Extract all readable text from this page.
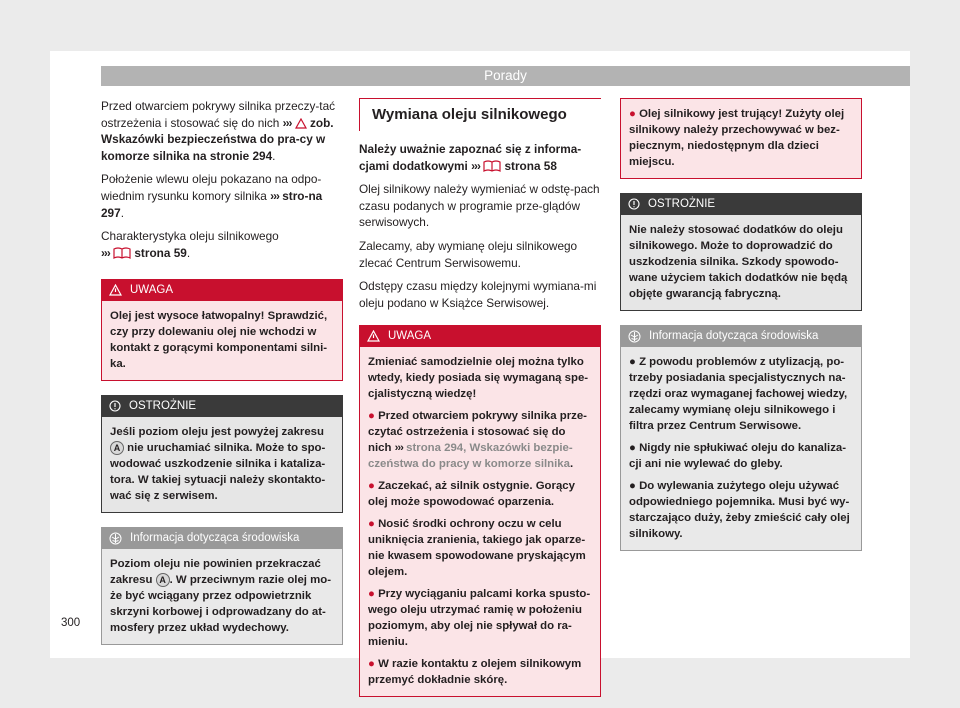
Porady

Przed otwarciem pokrywy silnika przeczy-tać ostrzeżenia i stosować się do nich ››› zob. Wskazówki bezpieczeństwa do pra-cy w komorze silnika na stronie 294.

Położenie wlewu oleju pokazano na odpo-wiednim rysunku komory silnika ››› stro-na 297.

Charakterystyka oleju silnikowego
›››  strona 59.

UWAGA
Olej jest wysoce łatwopalny! Sprawdzić, czy przy dolewaniu olej nie wchodzi w kontakt z gorącymi komponentami silni-ka.
OSTROŻNIE
Jeśli poziom oleju jest powyżej zakresu A nie uruchamiać silnika. Może to spo-wodować uszkodzenie silnika i kataliza-tora. W takiej sytuacji należy skontakto-wać się z serwisem.
Informacja dotycząca środowiska
Poziom oleju nie powinien przekraczać zakresu A . W przeciwnym razie olej mo-że być wciągany przez odpowietrznik skrzyni korbowej i odprowadzany do at-mosfery przez układ wydechowy.
Wymiana oleju silnikowego

Należy uważnie zapoznać się z informa-cjami dodatkowymi ›››  strona 58

Olej silnikowy należy wymieniać w odstę-pach czasu podanych w programie prze-glądów serwisowych.

Zalecamy, aby wymianę oleju silnikowego zlecać Centrum Serwisowemu.

Odstępy czasu między kolejnymi wymiana-mi oleju podano w Książce Serwisowej.

UWAGA
Zmieniać samodzielnie olej można tylko wtedy, kiedy posiada się wymaganą spe-cjalistyczną wiedzę!
● Przed otwarciem pokrywy silnika prze-czytać ostrzeżenia i stosować się do nich ››› strona 294, Wskazówki bezpie-czeństwa do pracy w komorze silnika.
● Zaczekać, aż silnik ostygnie. Gorący olej może spowodować oparzenia.
● Nosić środki ochrony oczu w celu uniknięcia zranienia, takiego jak oparze-nie kwasem spowodowane pryskającym olejem.
● Przy wyciąganiu palcami korka spusto-wego oleju utrzymać ramię w położeniu poziomym, aby olej nie spływał do ra-mieniu.
● W razie kontaktu z olejem silnikowym przemyć dokładnie skórę.
● Olej silnikowy jest trujący! Zużyty olej silnikowy należy przechowywać w bez-piecznym, niedostępnym dla dzieci miejscu.
OSTROŻNIE
Nie należy stosować dodatków do oleju silnikowego. Może to doprowadzić do uszkodzenia silnika. Szkody spowodo-wane użyciem takich dodatków nie będą objęte gwarancją fabryczną.
Informacja dotycząca środowiska
● Z powodu problemów z utylizacją, po-trzeby posiadania specjalistycznych na-rzędzi oraz wymaganej fachowej wiedzy, zalecamy wymianę oleju silnikowego i filtra przez Centrum Serwisowe.
● Nigdy nie spłukiwać oleju do kanaliza-cji ani nie wylewać do gleby.
● Do wylewania zużytego oleju używać odpowiedniego pojemnika. Musi być wy-starczająco duży, żeby zmieścić cały olej silnikowy.
300
